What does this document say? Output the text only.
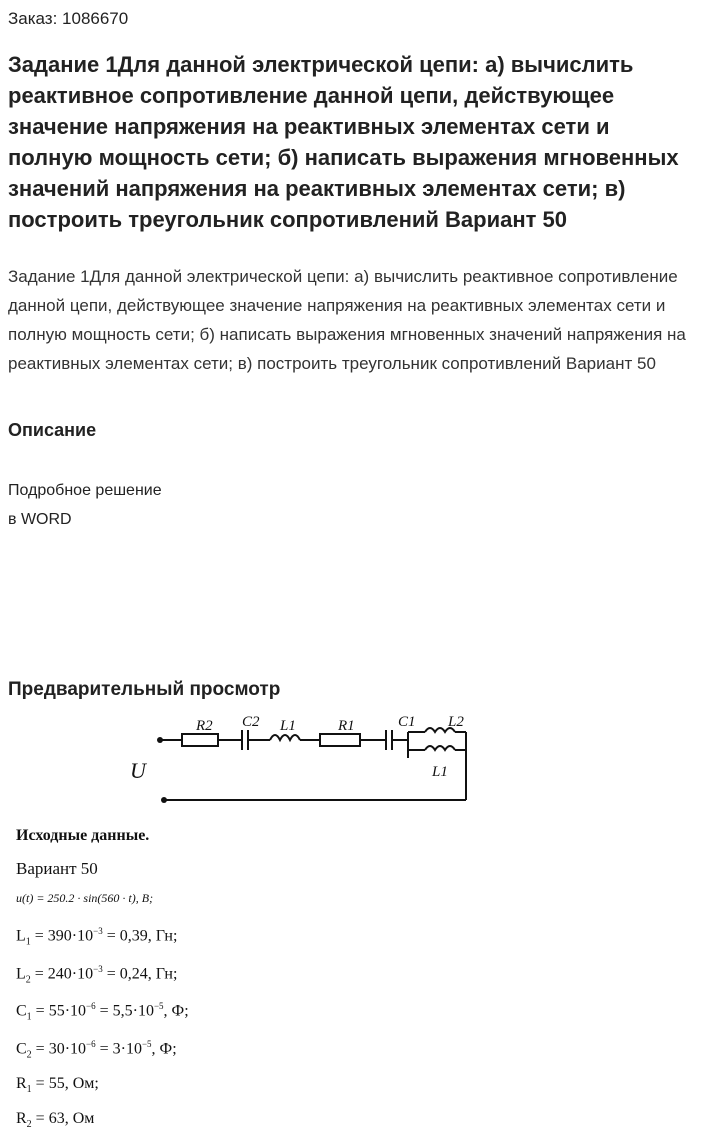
Заказ: 1086670
Задание 1Для данной электрической цепи: а) вычислить реактивное сопротивление данной цепи, действующее значение напряжения на реактивных элементах сети и полную мощность сети; б) написать выражения мгновенных значений напряжения на реактивных элементах сети; в) построить треугольник сопротивлений Вариант 50

Задание 1Для данной электрической цепи: а) вычислить реактивное сопротивление данной цепи, действующее значение напряжения на реактивных элементах сети и полную мощность сети; б) написать выражения мгновенных значений напряжения на реактивных элементах сети; в) построить треугольник сопротивлений Вариант 50

Описание
Подробное решение
в WORD
Предварительный просмотр
U
R2 C2 L1	R1	C1 L2
L1
Исходные данные.
Вариант 50
u(t) = 250.2 · sin(560 · t), B;
$L_1 = 390\cdot 10^{-3} = 0,39$, Гн;
$L_2 = 240\cdot 10^{-3} = 0,24$, Гн;
$C_1 = 55\cdot 10^{-6} = 5,5\cdot 10^{-5}$, Ф;
$C_2 = 30\cdot 10^{-6} = 3\cdot 10^{-5}$, Ф;
$R_1 = 55$, Ом;
$R_2 = 63$, Ом
